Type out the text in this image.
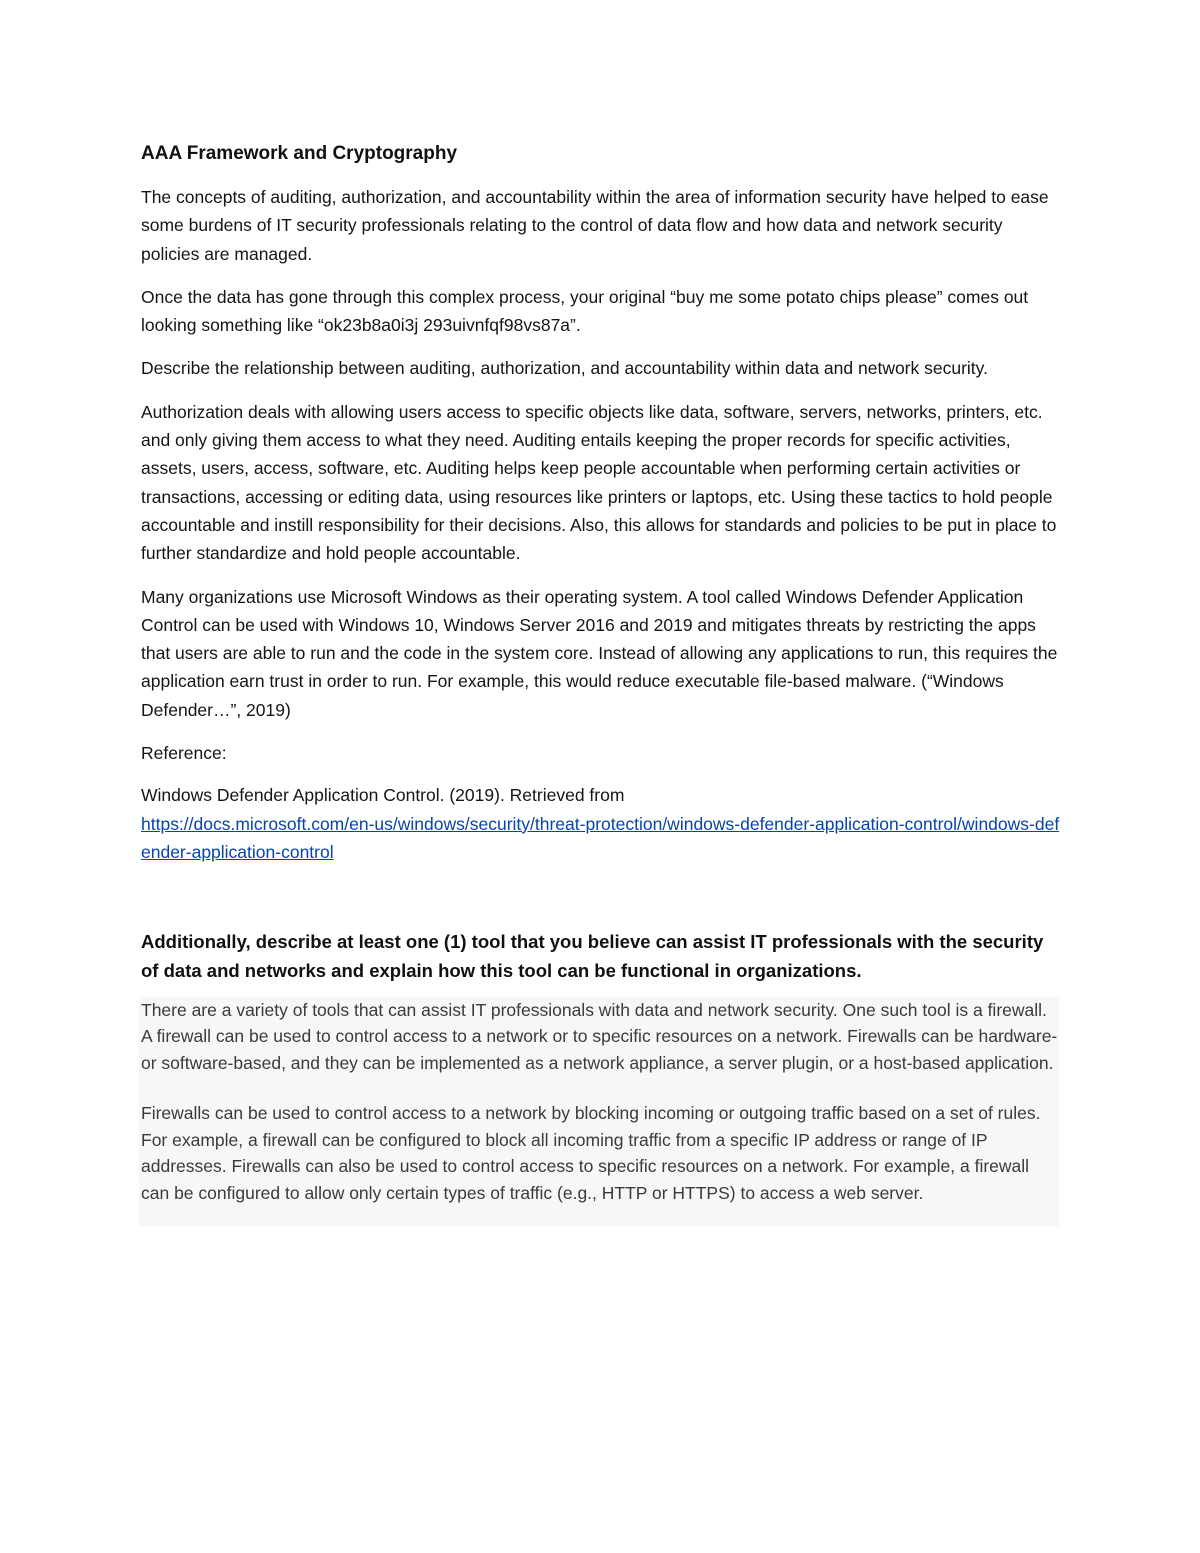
AAA Framework and Cryptography

The concepts of auditing, authorization, and accountability within the area of information security have helped to ease some burdens of IT security professionals relating to the control of data flow and how data and network security policies are managed.

Once the data has gone through this complex process, your original “buy me some potato chips please” comes out looking something like “ok23b8a0i3j 293uivnfqf98vs87a”.

Describe the relationship between auditing, authorization, and accountability within data and network security.

Authorization deals with allowing users access to specific objects like data, software, servers, networks, printers, etc. and only giving them access to what they need. Auditing entails keeping the proper records for specific activities, assets, users, access, software, etc. Auditing helps keep people accountable when performing certain activities or transactions, accessing or editing data, using resources like printers or laptops, etc. Using these tactics to hold people accountable and instill responsibility for their decisions. Also, this allows for standards and policies to be put in place to further standardize and hold people accountable.

Many organizations use Microsoft Windows as their operating system. A tool called Windows Defender Application Control can be used with Windows 10, Windows Server 2016 and 2019 and mitigates threats by restricting the apps that users are able to run and the code in the system core. Instead of allowing any applications to run, this requires the application earn trust in order to run. For example, this would reduce executable file-based malware. (“Windows Defender…”, 2019)

Reference:

Windows Defender Application Control. (2019). Retrieved from
https://docs.microsoft.com/en-us/windows/security/threat-protection/windows-defender-application-control/windows-defender-application-control

Additionally, describe at least one (1) tool that you believe can assist IT professionals with the security of data and networks and explain how this tool can be functional in organizations.

There are a variety of tools that can assist IT professionals with data and network security. One such tool is a firewall. A firewall can be used to control access to a network or to specific resources on a network. Firewalls can be hardware- or software-based, and they can be implemented as a network appliance, a server plugin, or a host-based application.

Firewalls can be used to control access to a network by blocking incoming or outgoing traffic based on a set of rules. For example, a firewall can be configured to block all incoming traffic from a specific IP address or range of IP addresses. Firewalls can also be used to control access to specific resources on a network. For example, a firewall can be configured to allow only certain types of traffic (e.g., HTTP or HTTPS) to access a web server.
